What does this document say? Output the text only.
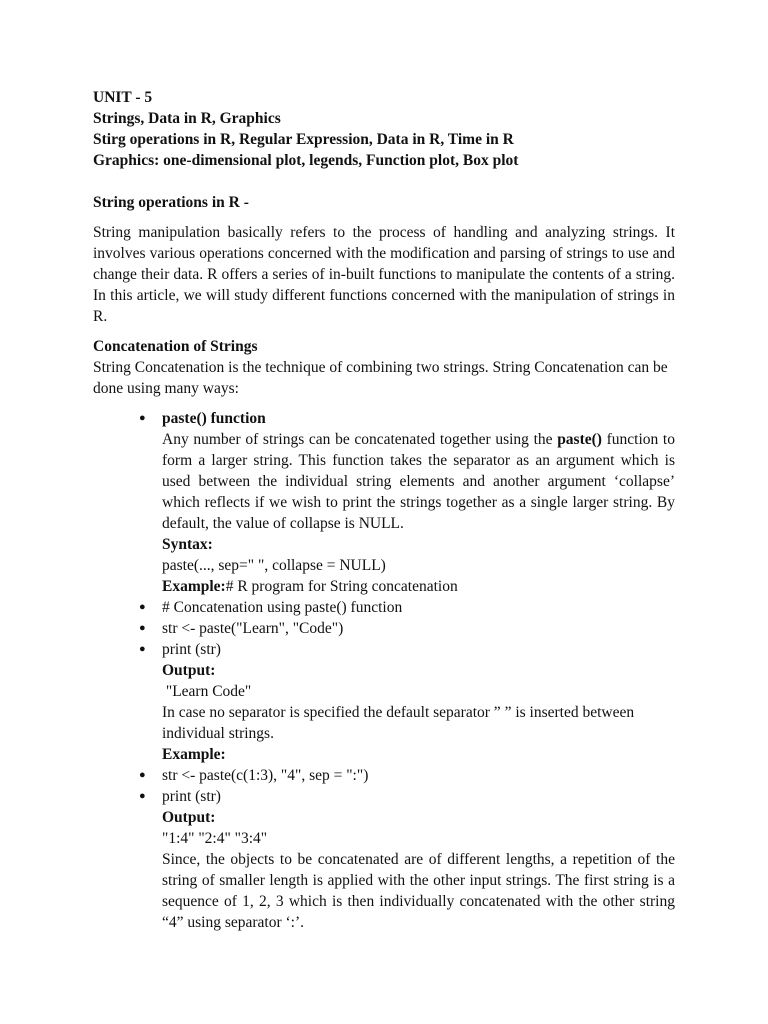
UNIT - 5

Strings, Data in R, Graphics

Stirg operations in R, Regular Expression, Data in R, Time in R

Graphics: one-dimensional plot, legends, Function plot, Box plot

String operations in R -

String manipulation basically refers to the process of handling and analyzing strings. It involves various operations concerned with the modification and parsing of strings to use and change their data. R offers a series of in-built functions to manipulate the contents of a string. In this article, we will study different functions concerned with the manipulation of strings in R.

Concatenation of Strings

String Concatenation is the technique of combining two strings. String Concatenation can be done using many ways:

● paste() function

Any number of strings can be concatenated together using the paste() function to form a larger string. This function takes the separator as an argument which is used between the individual string elements and another argument ‘collapse’ which reflects if we wish to print the strings together as a single larger string. By default, the value of collapse is NULL.

Syntax:

paste(..., sep=" ", collapse = NULL)

Example:# R program for String concatenation

● # Concatenation using paste() function
● str <- paste("Learn", "Code")
● print (str)

Output:

"Learn Code"

In case no separator is specified the default separator ” ” is inserted between individual strings.

Example:

● str <- paste(c(1:3), "4", sep = ":")
● print (str)

Output:

"1:4" "2:4" "3:4"

Since, the objects to be concatenated are of different lengths, a repetition of the string of smaller length is applied with the other input strings. The first string is a sequence of 1, 2, 3 which is then individually concatenated with the other string “4” using separator ‘:’.
